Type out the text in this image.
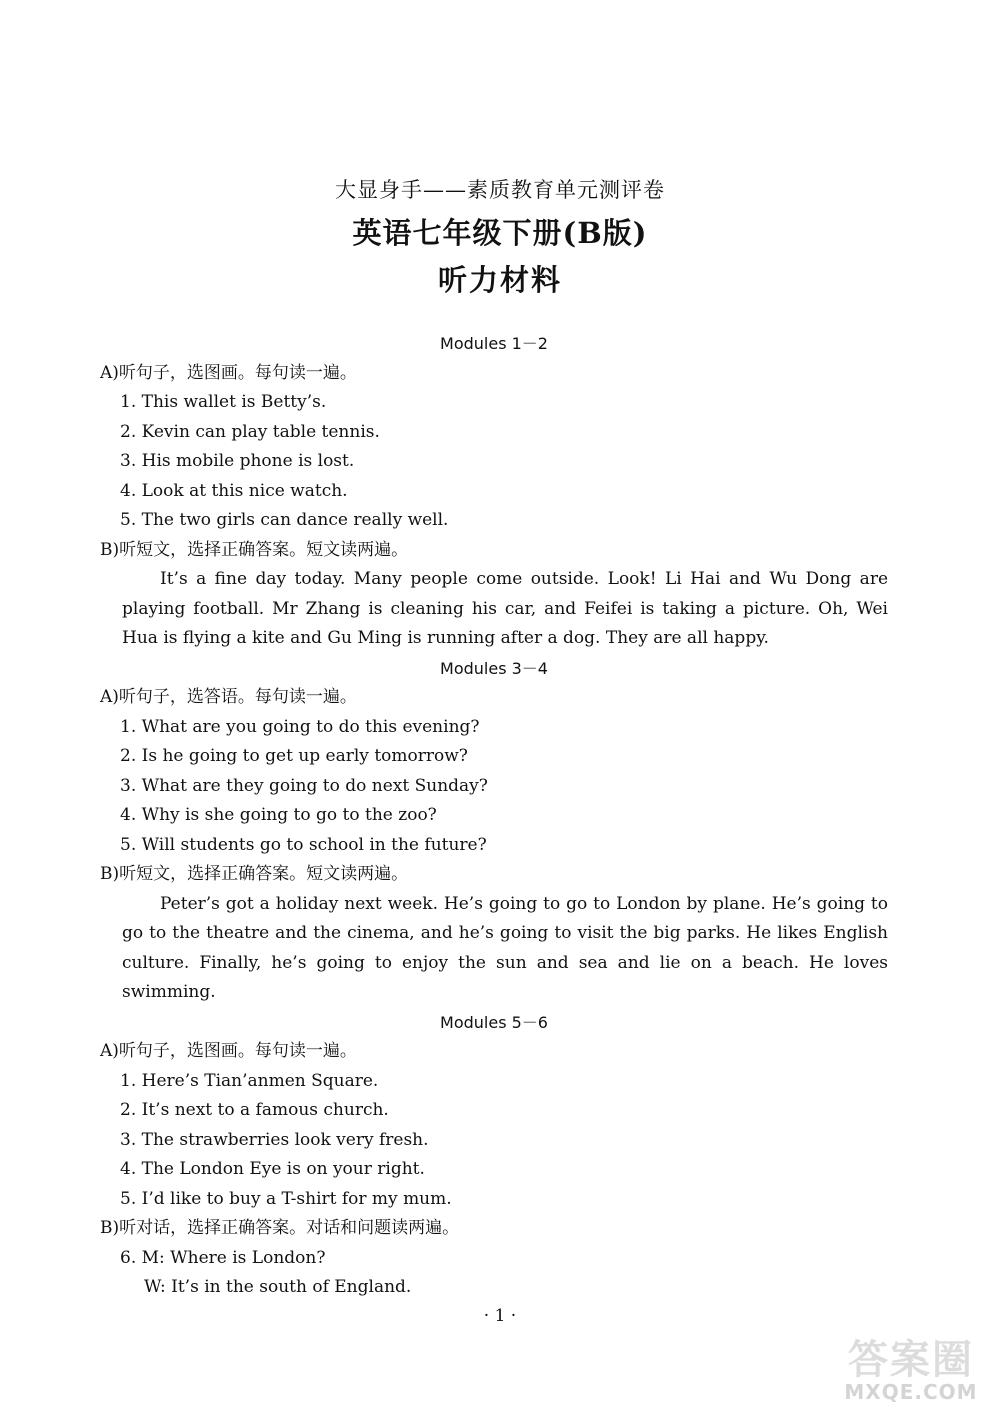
大显身手——素质教育单元测评卷
英语七年级下册(B版)
听力材料
Modules 1－2
A)听句子，选图画。每句读一遍。
1. This wallet is Betty’s.
2. Kevin can play table tennis.
3. His mobile phone is lost.
4. Look at this nice watch.
5. The two girls can dance really well.
B)听短文，选择正确答案。短文读两遍。
It’s a fine day today. Many people come outside. Look! Li Hai and Wu Dong are playing football. Mr Zhang is cleaning his car, and Feifei is taking a picture. Oh, Wei Hua is flying a kite and Gu Ming is running after a dog. They are all happy.
Modules 3－4
A)听句子，选答语。每句读一遍。
1. What are you going to do this evening?
2. Is he going to get up early tomorrow?
3. What are they going to do next Sunday?
4. Why is she going to go to the zoo?
5. Will students go to school in the future?
B)听短文，选择正确答案。短文读两遍。
Peter’s got a holiday next week. He’s going to go to London by plane. He’s going to go to the theatre and the cinema, and he’s going to visit the big parks. He likes English culture. Finally, he’s going to enjoy the sun and sea and lie on a beach. He loves swimming.
Modules 5－6
A)听句子，选图画。每句读一遍。
1. Here’s Tian’anmen Square.
2. It’s next to a famous church.
3. The strawberries look very fresh.
4. The London Eye is on your right.
5. I’d like to buy a T-shirt for my mum.
B)听对话，选择正确答案。对话和问题读两遍。
6. M: Where is London?
W: It’s in the south of England.
· 1 ·
答案圈
MXQE.COM
